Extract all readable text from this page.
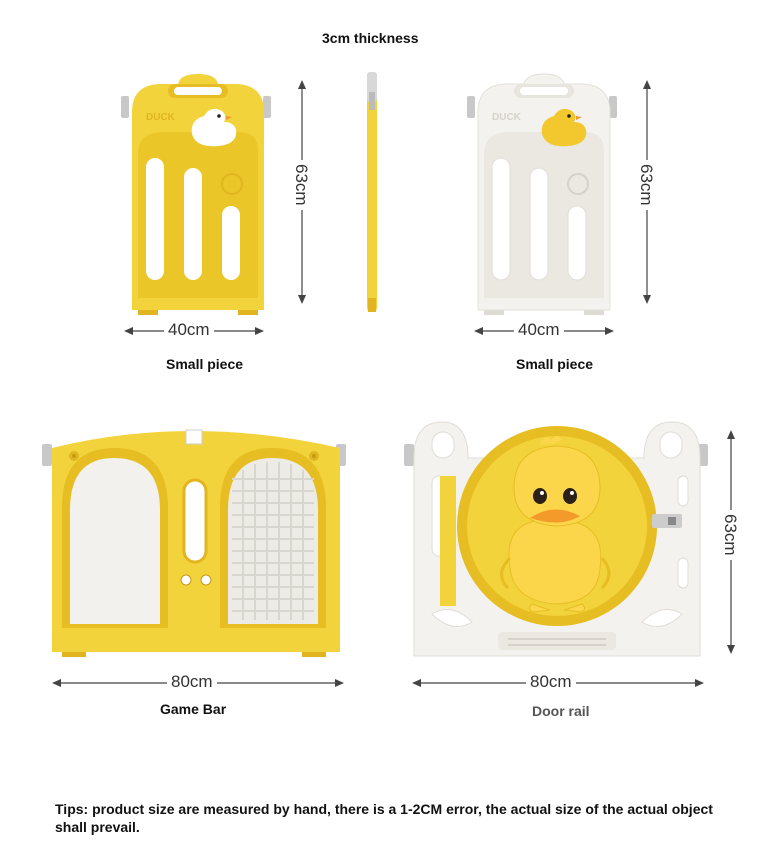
3cm thickness
DUCK
40cm
63cm
Small piece
DUCK
40cm
63cm
Small piece
80cm
Game Bar
80cm
63cm
Door rail
Tips: product size are measured by hand, there is a 1-2CM error, the actual size of the actual object shall prevail.
